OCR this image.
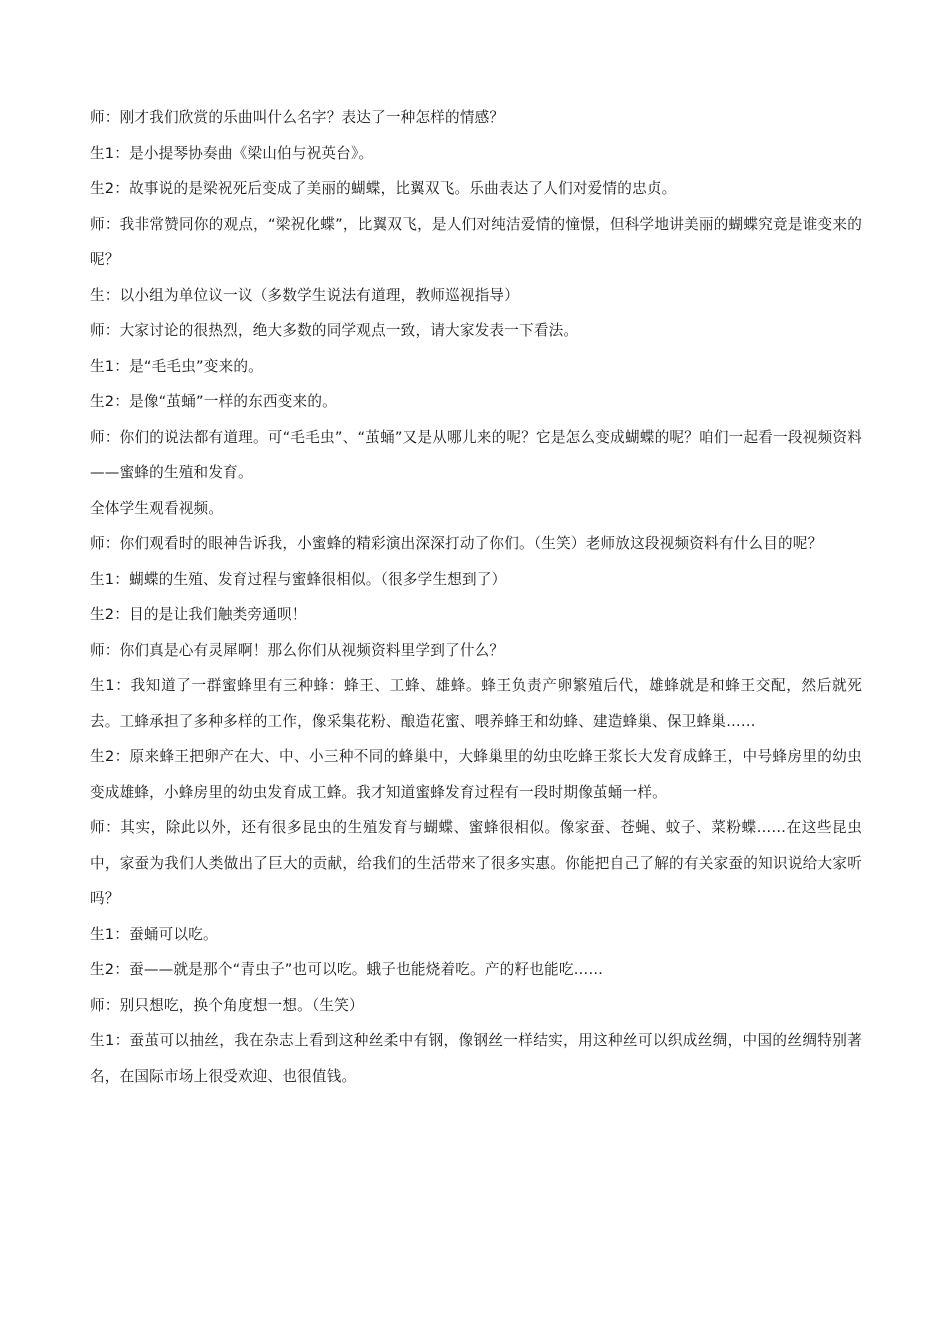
师：刚才我们欣赏的乐曲叫什么名字？表达了一种怎样的情感？

生1：是小提琴协奏曲《梁山伯与祝英台》。

生2：故事说的是梁祝死后变成了美丽的蝴蝶，比翼双飞。乐曲表达了人们对爱情的忠贞。

师：我非常赞同你的观点，“梁祝化蝶”，比翼双飞，是人们对纯洁爱情的憧憬，但科学地讲美丽的蝴蝶究竟是谁变来的呢？

生：以小组为单位议一议（多数学生说法有道理，教师巡视指导）

师：大家讨论的很热烈，绝大多数的同学观点一致，请大家发表一下看法。

生1：是“毛毛虫”变来的。

生2：是像“茧蛹”一样的东西变来的。

师：你们的说法都有道理。可“毛毛虫”、“茧蛹”又是从哪儿来的呢？它是怎么变成蝴蝶的呢？咱们一起看一段视频资料——蜜蜂的生殖和发育。

全体学生观看视频。

师：你们观看时的眼神告诉我，小蜜蜂的精彩演出深深打动了你们。（生笑）老师放这段视频资料有什么目的呢？

生1：蝴蝶的生殖、发育过程与蜜蜂很相似。（很多学生想到了）

生2：目的是让我们触类旁通呗！

师：你们真是心有灵犀啊！那么你们从视频资料里学到了什么？

生1：我知道了一群蜜蜂里有三种蜂：蜂王、工蜂、雄蜂。蜂王负责产卵繁殖后代，雄蜂就是和蜂王交配，然后就死去。工蜂承担了多种多样的工作，像采集花粉、酿造花蜜、喂养蜂王和幼蜂、建造蜂巢、保卫蜂巢……

生2：原来蜂王把卵产在大、中、小三种不同的蜂巢中，大蜂巢里的幼虫吃蜂王浆长大发育成蜂王，中号蜂房里的幼虫变成雄蜂，小蜂房里的幼虫发育成工蜂。我才知道蜜蜂发育过程有一段时期像茧蛹一样。

师：其实，除此以外，还有很多昆虫的生殖发育与蝴蝶、蜜蜂很相似。像家蚕、苍蝇、蚊子、菜粉蝶……在这些昆虫中，家蚕为我们人类做出了巨大的贡献，给我们的生活带来了很多实惠。你能把自己了解的有关家蚕的知识说给大家听吗？

生1：蚕蛹可以吃。

生2：蚕——就是那个“青虫子”也可以吃。蛾子也能烧着吃。产的籽也能吃……

师：别只想吃，换个角度想一想。（生笑）

生1：蚕茧可以抽丝，我在杂志上看到这种丝柔中有钢，像钢丝一样结实，用这种丝可以织成丝绸，中国的丝绸特别著名，在国际市场上很受欢迎、也很值钱。
